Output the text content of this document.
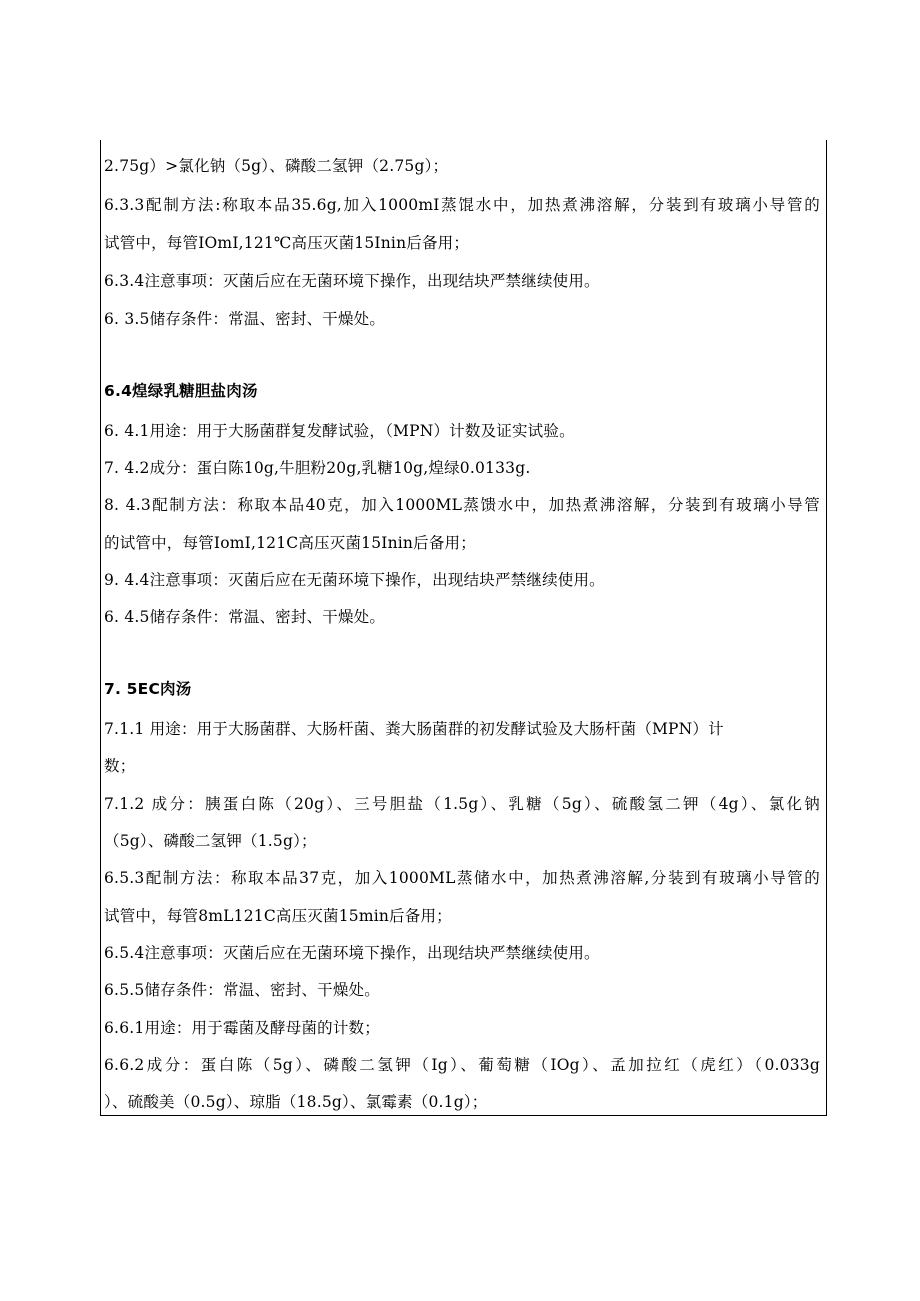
2.75g）>氯化钠（5g）、磷酸二氢钾（2.75g）；
6.3.3配制方法:称取本品35.6g,加入1000mI蒸馄水中，加热煮沸溶解，分装到有玻璃小导管的
试管中，每管IOmI,121℃高压灭菌15Inin后备用；
6.3.4注意事项：灭菌后应在无菌环境下操作，出现结块严禁继续使用。
6. 3.5储存条件：常温、密封、干燥处。
6.4煌绿乳糖胆盐肉汤
6. 4.1用途：用于大肠菌群复发酵试验，（MPN）计数及证实试验。
7. 4.2成分：蛋白陈10g,牛胆粉20g,乳糖10g,煌绿0.0133g.
8. 4.3配制方法：称取本品40克，加入1000ML蒸馈水中，加热煮沸溶解，分装到有玻璃小导管
的试管中，每管IomI,121C高压灭菌15Inin后备用；
9. 4.4注意事项：灭菌后应在无菌环境下操作，出现结块严禁继续使用。
6. 4.5储存条件：常温、密封、干燥处。
7. 5EC肉汤
7.1.1 用途：用于大肠菌群、大肠杆菌、粪大肠菌群的初发酵试验及大肠杆菌（MPN）计
数；
7.1.2 成分：胰蛋白陈（20g）、三号胆盐（1.5g）、乳糖（5g）、硫酸氢二钾（4g）、氯化钠
（5g）、磷酸二氢钾（1.5g）；
6.5.3配制方法：称取本品37克，加入1000ML蒸储水中，加热煮沸溶解,分装到有玻璃小导管的
试管中，每管8mL121C高压灭菌15min后备用；
6.5.4注意事项：灭菌后应在无菌环境下操作，出现结块严禁继续使用。
6.5.5储存条件：常温、密封、干燥处。
6.6.1用途：用于霉菌及酵母菌的计数；
6.6.2成分：蛋白陈（5g）、磷酸二氢钾（Ig）、葡萄糖（IOg）、孟加拉红（虎红）（0.033g
）、硫酸美（0.5g）、琼脂（18.5g）、氯霉素（0.1g）；
